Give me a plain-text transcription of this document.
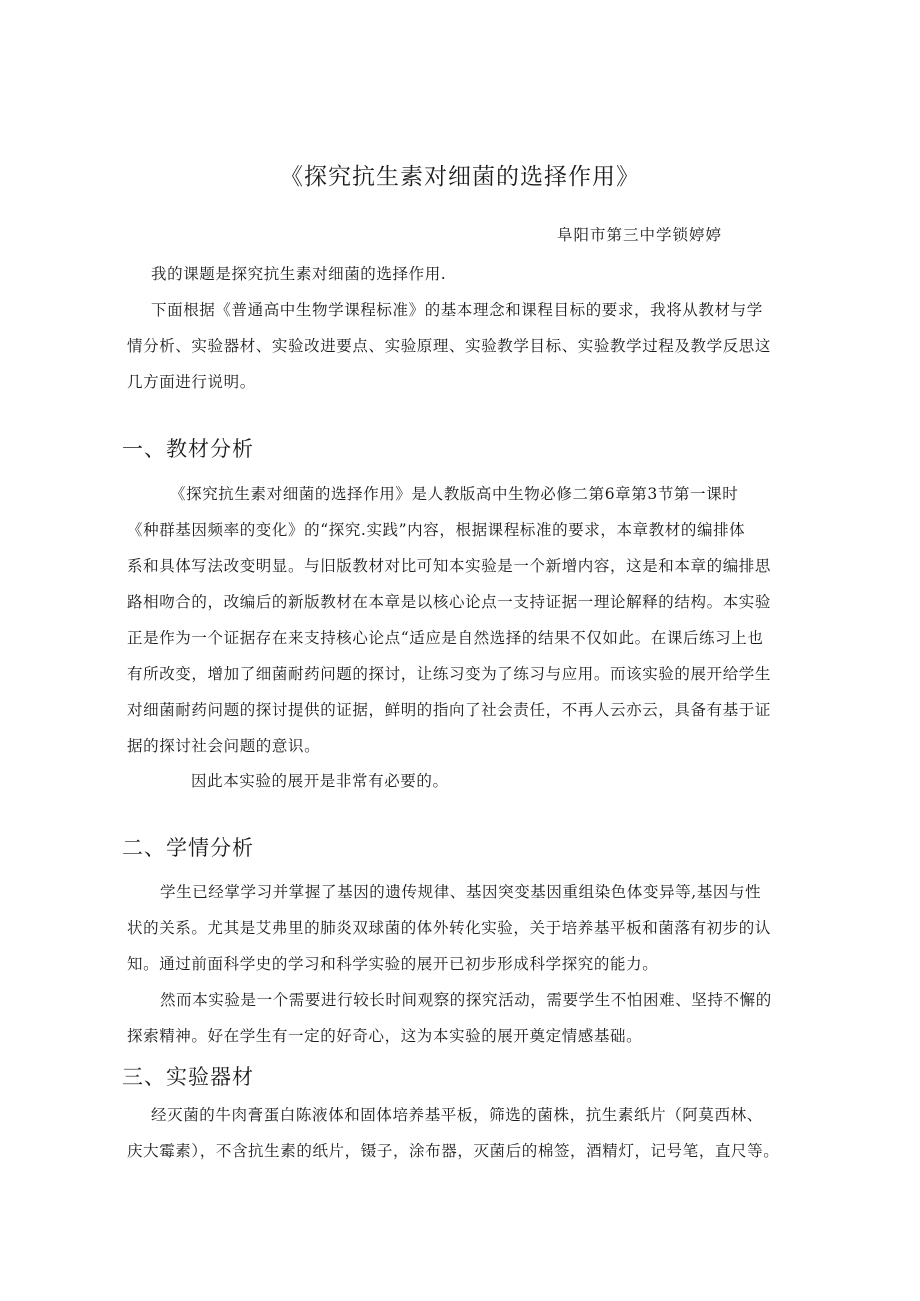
《探究抗生素对细菌的选择作用》
阜阳市第三中学锁婷婷
我的课题是探究抗生素对细菌的选择作用.
下面根据《普通高中生物学课程标准》的基本理念和课程目标的要求，我将从教材与学
情分析、实验器材、实验改进要点、实验原理、实验教学目标、实验教学过程及教学反思这
几方面进行说明。
一、教材分析
《探究抗生素对细菌的选择作用》是人教版高中生物必修二第6章第3节第一课时
《种群基因频率的变化》的“探究.实践”内容，根据课程标准的要求，本章教材的编排体
系和具体写法改变明显。与旧版教材对比可知本实验是一个新增内容，这是和本章的编排思
路相吻合的，改编后的新版教材在本章是以核心论点一支持证据一理论解释的结构。本实验
正是作为一个证据存在来支持核心论点“适应是自然选择的结果不仅如此。在课后练习上也
有所改变，增加了细菌耐药问题的探讨，让练习变为了练习与应用。而该实验的展开给学生
对细菌耐药问题的探讨提供的证据，鲜明的指向了社会责任，不再人云亦云，具备有基于证
据的探讨社会问题的意识。
因此本实验的展开是非常有必要的。
二、学情分析
学生已经掌学习并掌握了基因的遗传规律、基因突变基因重组染色体变异等,基因与性
状的关系。尤其是艾弗里的肺炎双球菌的体外转化实验，关于培养基平板和菌落有初步的认
知。通过前面科学史的学习和科学实验的展开已初步形成科学探究的能力。
然而本实验是一个需要进行较长时间观察的探究活动，需要学生不怕困难、坚持不懈的
探索精神。好在学生有一定的好奇心，这为本实验的展开奠定情感基础。
三、实验器材
经灭菌的牛肉膏蛋白陈液体和固体培养基平板，筛选的菌株，抗生素纸片（阿莫西林、
庆大霉素），不含抗生素的纸片，镊子，涂布器，灭菌后的棉签，酒精灯，记号笔，直尺等。
